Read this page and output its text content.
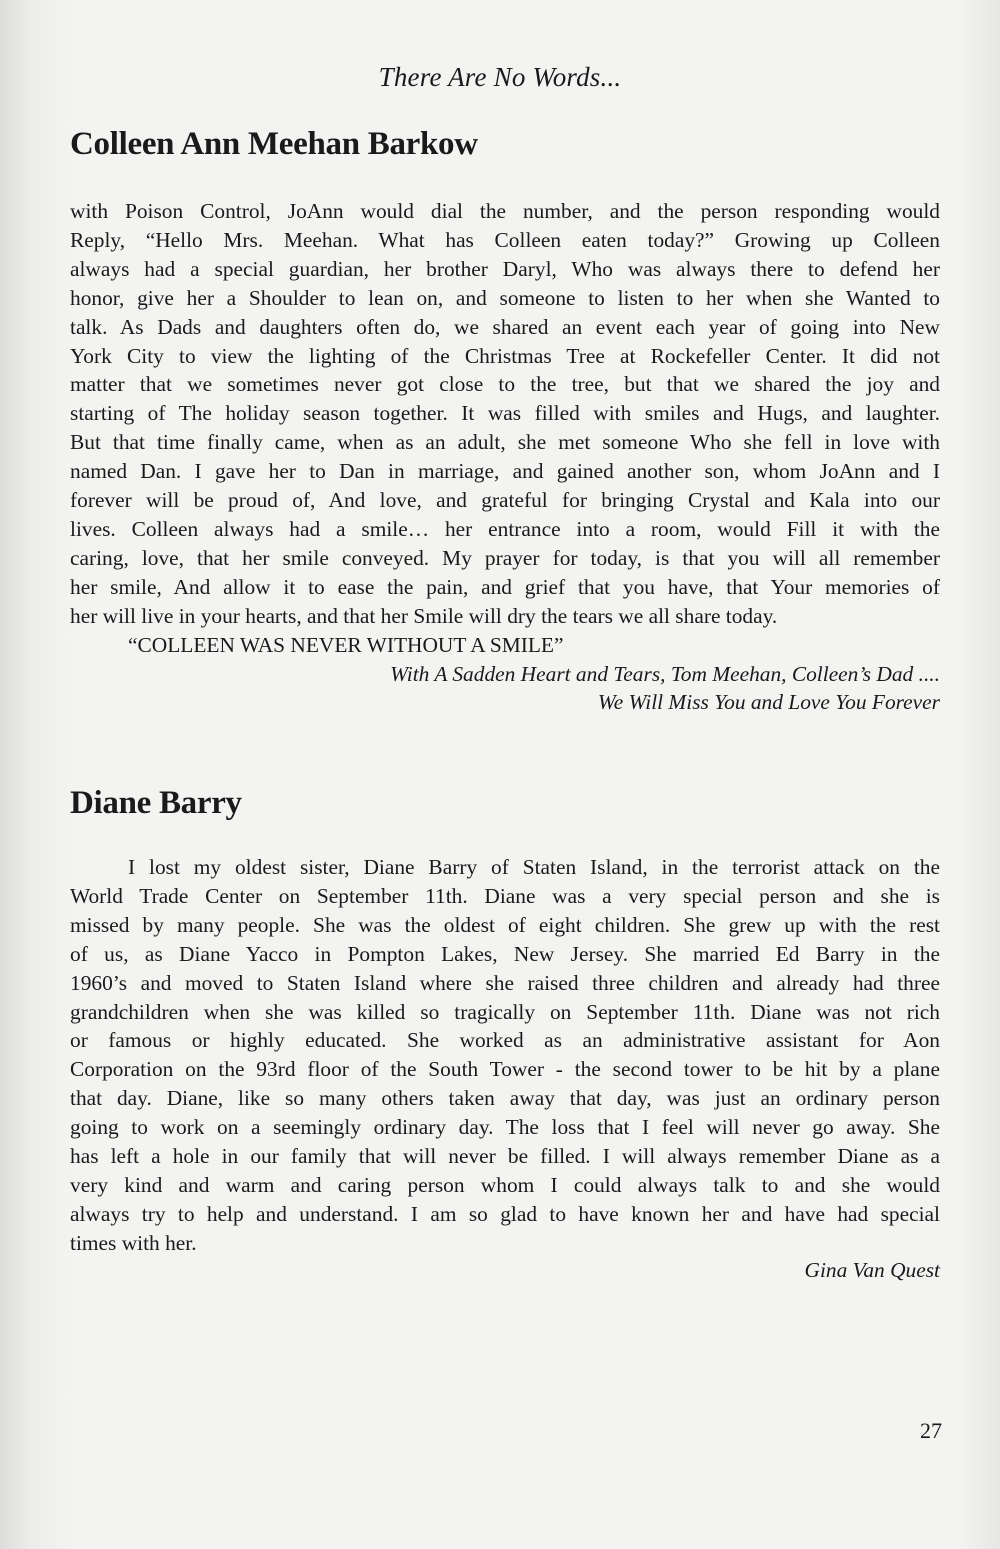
There Are No Words...
Colleen Ann Meehan Barkow
with Poison Control, JoAnn would dial the number, and the person responding would
Reply, “Hello Mrs. Meehan. What has Colleen eaten today?” Growing up Colleen
always had a special guardian, her brother Daryl, Who was always there to defend her
honor, give her a Shoulder to lean on, and someone to listen to her when she Wanted to
talk. As Dads and daughters often do, we shared an event each year of going into New
York City to view the lighting of the Christmas Tree at Rockefeller Center. It did not
matter that we sometimes never got close to the tree, but that we shared the joy and
starting of The holiday season together. It was filled with smiles and Hugs, and laughter.
But that time finally came, when as an adult, she met someone Who she fell in love with
named Dan. I gave her to Dan in marriage, and gained another son, whom JoAnn and I
forever will be proud of, And love, and grateful for bringing Crystal and Kala into our
lives. Colleen always had a smile… her entrance into a room, would Fill it with the
caring, love, that her smile conveyed. My prayer for today, is that you will all remember
her smile, And allow it to ease the pain, and grief that you have, that Your memories of
her will live in your hearts, and that her Smile will dry the tears we all share today.
“COLLEEN WAS NEVER WITHOUT A SMILE”
With A Sadden Heart and Tears, Tom Meehan, Colleen’s Dad ....
We Will Miss You and Love You Forever
Diane Barry
I lost my oldest sister, Diane Barry of Staten Island, in the terrorist attack on the
World Trade Center on September 11th. Diane was a very special person and she is
missed by many people. She was the oldest of eight children. She grew up with the rest
of us, as Diane Yacco in Pompton Lakes, New Jersey. She married Ed Barry in the
1960’s and moved to Staten Island where she raised three children and already had three
grandchildren when she was killed so tragically on September 11th. Diane was not rich
or famous or highly educated. She worked as an administrative assistant for Aon
Corporation on the 93rd floor of the South Tower - the second tower to be hit by a plane
that day. Diane, like so many others taken away that day, was just an ordinary person
going to work on a seemingly ordinary day. The loss that I feel will never go away. She
has left a hole in our family that will never be filled. I will always remember Diane as a
very kind and warm and caring person whom I could always talk to and she would
always try to help and understand. I am so glad to have known her and have had special
times with her.
Gina Van Quest
27
